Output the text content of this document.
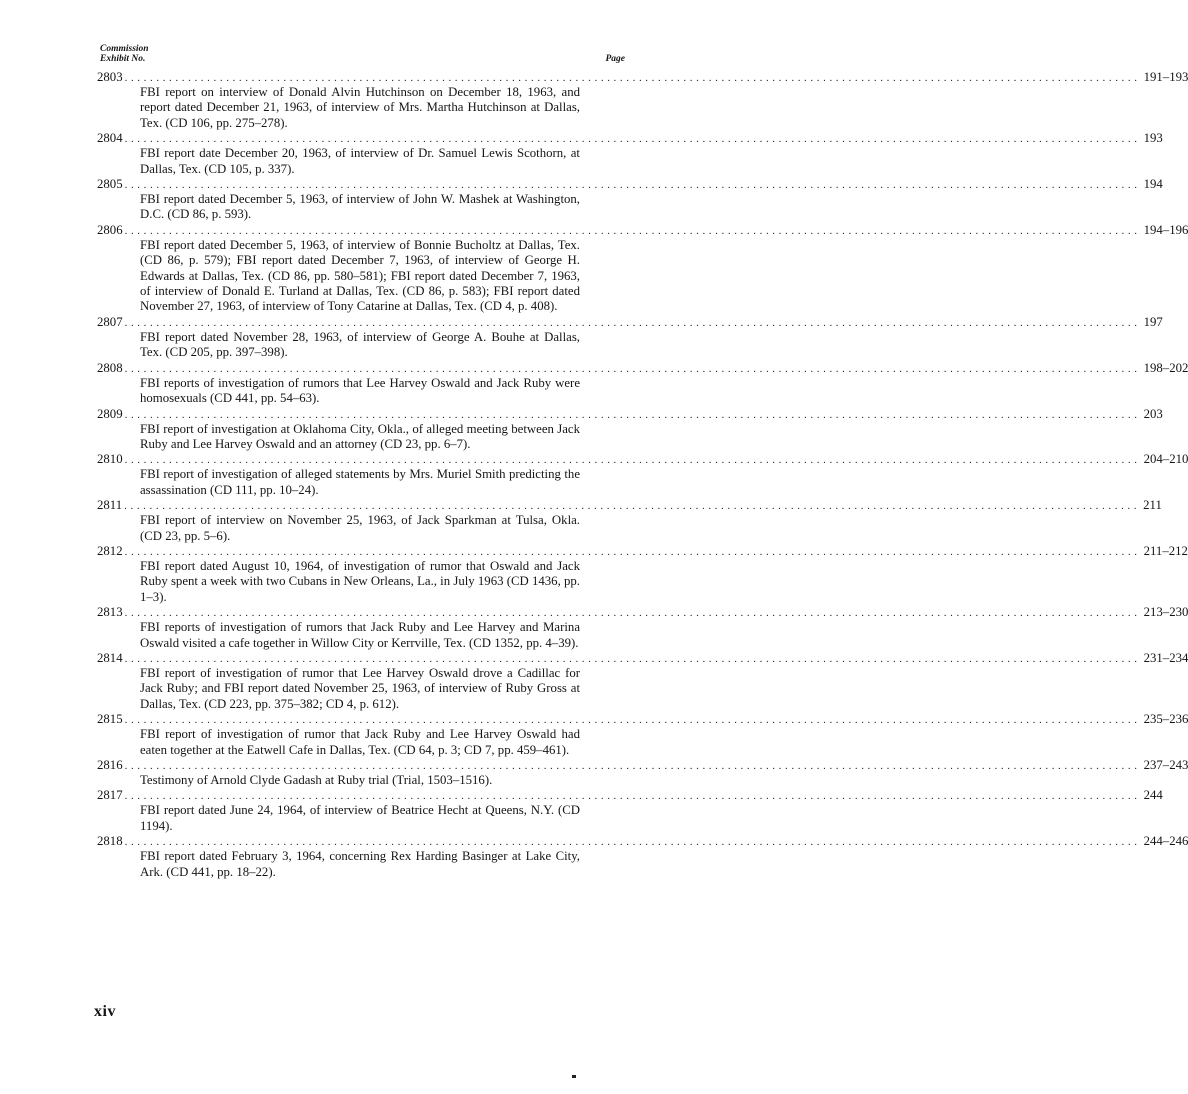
Commission
Exhibit No.	Page
2803 ................................................................................................................................................................ 191–193
FBI report on interview of Donald Alvin Hutchinson on December 18, 1963, and report dated December 21, 1963, of interview of Mrs. Martha Hutchinson at Dallas, Tex. (CD 106, pp. 275–278).
2804 ................................................................................................................................................................ 193
FBI report date December 20, 1963, of interview of Dr. Samuel Lewis Scothorn, at Dallas, Tex. (CD 105, p. 337).
2805 ................................................................................................................................................................ 194
FBI report dated December 5, 1963, of interview of John W. Mashek at Washington, D.C. (CD 86, p. 593).
2806 ................................................................................................................................................................ 194–196
FBI report dated December 5, 1963, of interview of Bonnie Bucholtz at Dallas, Tex. (CD 86, p. 579); FBI report dated December 7, 1963, of interview of George H. Edwards at Dallas, Tex. (CD 86, pp. 580–581); FBI report dated December 7, 1963, of interview of Donald E. Turland at Dallas, Tex. (CD 86, p. 583); FBI report dated November 27, 1963, of interview of Tony Catarine at Dallas, Tex. (CD 4, p. 408).
2807 ................................................................................................................................................................ 197
FBI report dated November 28, 1963, of interview of George A. Bouhe at Dallas, Tex. (CD 205, pp. 397–398).
2808 ................................................................................................................................................................ 198–202
FBI reports of investigation of rumors that Lee Harvey Oswald and Jack Ruby were homosexuals (CD 441, pp. 54–63).
2809 ................................................................................................................................................................ 203
FBI report of investigation at Oklahoma City, Okla., of alleged meeting between Jack Ruby and Lee Harvey Oswald and an attorney (CD 23, pp. 6–7).
2810 ................................................................................................................................................................ 204–210
FBI report of investigation of alleged statements by Mrs. Muriel Smith predicting the assassination (CD 111, pp. 10–24).
2811 ................................................................................................................................................................ 211
FBI report of interview on November 25, 1963, of Jack Sparkman at Tulsa, Okla. (CD 23, pp. 5–6).
2812 ................................................................................................................................................................ 211–212
FBI report dated August 10, 1964, of investigation of rumor that Oswald and Jack Ruby spent a week with two Cubans in New Orleans, La., in July 1963 (CD 1436, pp. 1–3).
2813 ................................................................................................................................................................ 213–230
FBI reports of investigation of rumors that Jack Ruby and Lee Harvey and Marina Oswald visited a cafe together in Willow City or Kerrville, Tex. (CD 1352, pp. 4–39).
2814 ................................................................................................................................................................ 231–234
FBI report of investigation of rumor that Lee Harvey Oswald drove a Cadillac for Jack Ruby; and FBI report dated November 25, 1963, of interview of Ruby Gross at Dallas, Tex. (CD 223, pp. 375–382; CD 4, p. 612).
2815 ................................................................................................................................................................ 235–236
FBI report of investigation of rumor that Jack Ruby and Lee Harvey Oswald had eaten together at the Eatwell Cafe in Dallas, Tex. (CD 64, p. 3; CD 7, pp. 459–461).
2816 ................................................................................................................................................................ 237–243
Testimony of Arnold Clyde Gadash at Ruby trial (Trial, 1503–1516).
2817 ................................................................................................................................................................ 244
FBI report dated June 24, 1964, of interview of Beatrice Hecht at Queens, N.Y. (CD 1194).
2818 ................................................................................................................................................................ 244–246
FBI report dated February 3, 1964, concerning Rex Harding Basinger at Lake City, Ark. (CD 441, pp. 18–22).
xiv
